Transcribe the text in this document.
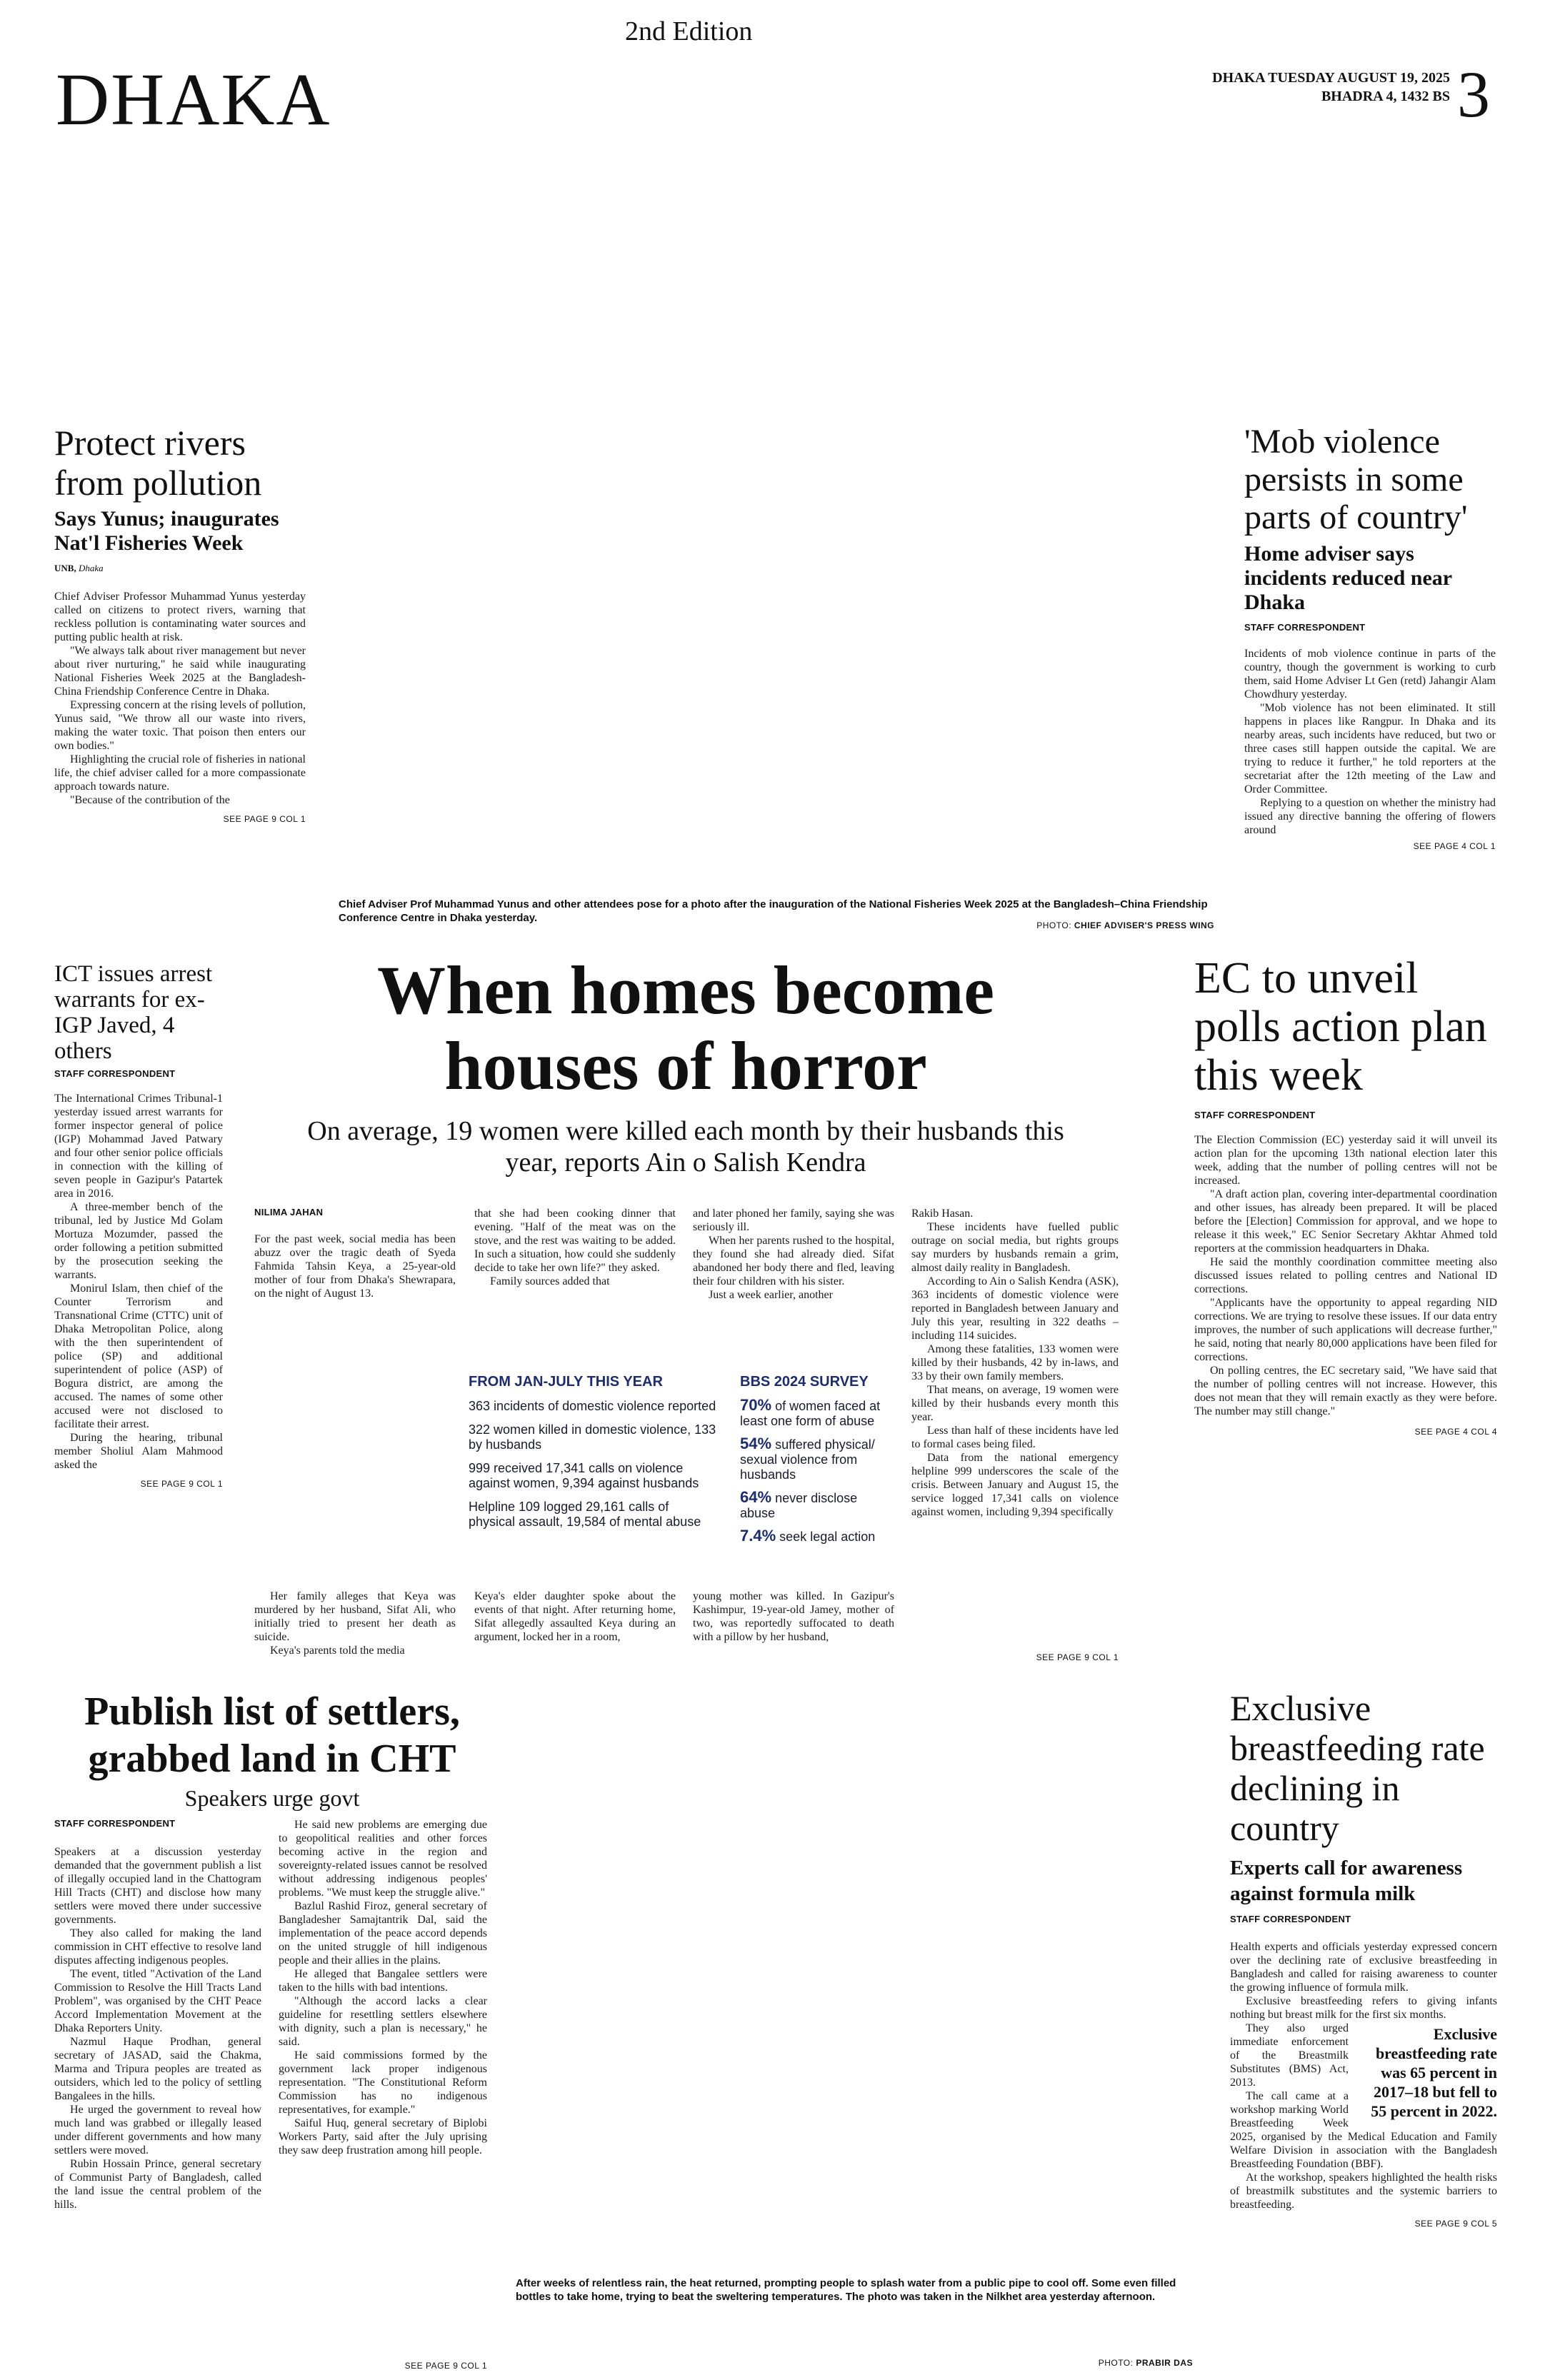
2nd Edition
DHAKA	DHAKA TUESDAY AUGUST 19, 2025
BHADRA 4, 1432 BS 3
Chief Adviser Prof Muhammad Yunus and other attendees pose for a photo after the inauguration of the National Fisheries Week 2025 at the Bangladesh–China Friendship Conference Centre in Dhaka yesterday.
PHOTO: CHIEF ADVISER'S PRESS WING
Protect rivers from pollution
Says Yunus; inaugurates Nat'l Fisheries Week
UNB, Dhaka

Chief Adviser Professor Muhammad Yunus yesterday called on citizens to protect rivers, warning that reckless pollution is contaminating water sources and putting public health at risk.

"We always talk about river management but never about river nurturing," he said while inaugurating National Fisheries Week 2025 at the Bangladesh-China Friendship Conference Centre in Dhaka.

Expressing concern at the rising levels of pollution, Yunus said, "We throw all our waste into rivers, making the water toxic. That poison then enters our own bodies."

Highlighting the crucial role of fisheries in national life, the chief adviser called for a more compassionate approach towards nature.

"Because of the contribution of the

SEE PAGE 9 COL 1
'Mob violence persists in some parts of country'
Home adviser says incidents reduced near Dhaka
STAFF CORRESPONDENT

Incidents of mob violence continue in parts of the country, though the government is working to curb them, said Home Adviser Lt Gen (retd) Jahangir Alam Chowdhury yesterday.

"Mob violence has not been eliminated. It still happens in places like Rangpur. In Dhaka and its nearby areas, such incidents have reduced, but two or three cases still happen outside the capital. We are trying to reduce it further," he told reporters at the secretariat after the 12th meeting of the Law and Order Committee.

Replying to a question on whether the ministry had issued any directive banning the offering of flowers around

SEE PAGE 4 COL 1
ICT issues arrest warrants for ex-IGP Javed, 4 others
STAFF CORRESPONDENT

The International Crimes Tribunal-1 yesterday issued arrest warrants for former inspector general of police (IGP) Mohammad Javed Patwary and four other senior police officials in connection with the killing of seven people in Gazipur's Patartek area in 2016.

A three-member bench of the tribunal, led by Justice Md Golam Mortuza Mozumder, passed the order following a petition submitted by the prosecution seeking the warrants.

Monirul Islam, then chief of the Counter Terrorism and Transnational Crime (CTTC) unit of Dhaka Metropolitan Police, along with the then superintendent of police (SP) and additional superintendent of police (ASP) of Bogura district, are among the accused. The names of some other accused were not disclosed to facilitate their arrest.

During the hearing, tribunal member Sholiul Alam Mahmood asked the

SEE PAGE 9 COL 1
When homes become houses of horror
On average, 19 women were killed each month by their husbands this year, reports Ain o Salish Kendra
NILIMA JAHAN

For the past week, social media has been abuzz over the tragic death of Syeda Fahmida Tahsin Keya, a 25-year-old mother of four from Dhaka's Shewrapara, on the night of August 13.

that she had been cooking dinner that evening. "Half of the meat was on the stove, and the rest was waiting to be added. In such a situation, how could she suddenly decide to take her own life?" they asked.

Family sources added that

and later phoned her family, saying she was seriously ill.

When her parents rushed to the hospital, they found she had already died. Sifat abandoned her body there and fled, leaving their four children with his sister.

Just a week earlier, another

Rakib Hasan.

These incidents have fuelled public outrage on social media, but rights groups say murders by husbands remain a grim, almost daily reality in Bangladesh.

According to Ain o Salish Kendra (ASK), 363 incidents of domestic violence were reported in Bangladesh between January and July this year, resulting in 322 deaths – including 114 suicides.

Among these fatalities, 133 women were killed by their husbands, 42 by in-laws, and 33 by their own family members.

That means, on average, 19 women were killed by their husbands every month this year.

Less than half of these incidents have led to formal cases being filed.

Data from the national emergency helpline 999 underscores the scale of the crisis. Between January and August 15, the service logged 17,341 calls on violence against women, including 9,394 specifically

FROM JAN-JULY THIS YEAR
363 incidents of domestic violence reported
322 women killed in domestic violence, 133 by husbands
999 received 17,341 calls on violence against women, 9,394 against husbands
Helpline 109 logged 29,161 calls of physical assault, 19,584 of mental abuse
BBS 2024 SURVEY
70% of women faced at least one form of abuse
54% suffered physical/ sexual violence from husbands
64% never disclose abuse
7.4% seek legal action

Her family alleges that Keya was murdered by her husband, Sifat Ali, who initially tried to present her death as suicide.

Keya's parents told the media

Keya's elder daughter spoke about the events of that night. After returning home, Sifat allegedly assaulted Keya during an argument, locked her in a room,

young mother was killed. In Gazipur's Kashimpur, 19-year-old Jamey, mother of two, was reportedly suffocated to death with a pillow by her husband,

SEE PAGE 9 COL 1
EC to unveil polls action plan this week
STAFF CORRESPONDENT

The Election Commission (EC) yesterday said it will unveil its action plan for the upcoming 13th national election later this week, adding that the number of polling centres will not be increased.

"A draft action plan, covering inter-departmental coordination and other issues, has already been prepared. It will be placed before the [Election] Commission for approval, and we hope to release it this week," EC Senior Secretary Akhtar Ahmed told reporters at the commission headquarters in Dhaka.

He said the monthly coordination committee meeting also discussed issues related to polling centres and National ID corrections.

"Applicants have the opportunity to appeal regarding NID corrections. We are trying to resolve these issues. If our data entry improves, the number of such applications will decrease further," he said, noting that nearly 80,000 applications have been filed for corrections.

On polling centres, the EC secretary said, "We have said that the number of polling centres will not increase. However, this does not mean that they will remain exactly as they were before. The number may still change."

SEE PAGE 4 COL 4
Publish list of settlers, grabbed land in CHT
Speakers urge govt
STAFF CORRESPONDENT

Speakers at a discussion yesterday demanded that the government publish a list of illegally occupied land in the Chattogram Hill Tracts (CHT) and disclose how many settlers were moved there under successive governments.

They also called for making the land commission in CHT effective to resolve land disputes affecting indigenous peoples.

The event, titled "Activation of the Land Commission to Resolve the Hill Tracts Land Problem", was organised by the CHT Peace Accord Implementation Movement at the Dhaka Reporters Unity.

Nazmul Haque Prodhan, general secretary of JASAD, said the Chakma, Marma and Tripura peoples are treated as outsiders, which led to the policy of settling Bangalees in the hills.

He urged the government to reveal how much land was grabbed or illegally leased under different governments and how many settlers were moved.

Rubin Hossain Prince, general secretary of Communist Party of Bangladesh, called the land issue the central problem of the hills.

He said new problems are emerging due to geopolitical realities and other forces becoming active in the region and sovereignty-related issues cannot be resolved without addressing indigenous peoples' problems. "We must keep the struggle alive."

Bazlul Rashid Firoz, general secretary of Bangladesher Samajtantrik Dal, said the implementation of the peace accord depends on the united struggle of hill indigenous people and their allies in the plains.

He alleged that Bangalee settlers were taken to the hills with bad intentions.

"Although the accord lacks a clear guideline for resettling settlers elsewhere with dignity, such a plan is necessary," he said.

He said commissions formed by the government lack proper indigenous representation. "The Constitutional Reform Commission has no indigenous representatives, for example."

Saiful Huq, general secretary of Biplobi Workers Party, said after the July uprising they saw deep frustration among hill people.

SEE PAGE 9 COL 1
After weeks of relentless rain, the heat returned, prompting people to splash water from a public pipe to cool off. Some even filled bottles to take home, trying to beat the sweltering temperatures. The photo was taken in the Nilkhet area yesterday afternoon.
PHOTO: PRABIR DAS
Exclusive breastfeeding rate declining in country
Experts call for awareness against formula milk
STAFF CORRESPONDENT

Health experts and officials yesterday expressed concern over the declining rate of exclusive breastfeeding in Bangladesh and called for raising awareness to counter the growing influence of formula milk.

Exclusive breastfeeding refers to giving infants nothing but breast milk for the first six months.

Exclusive breastfeeding rate was 65 percent in 2017–18 but fell to 55 percent in 2022.

They also urged immediate enforcement of the Breastmilk Substitutes (BMS) Act, 2013.

The call came at a workshop marking World Breastfeeding Week 2025, organised by the Medical Education and Family Welfare Division in association with the Bangladesh Breastfeeding Foundation (BBF).

At the workshop, speakers highlighted the health risks of breastmilk substitutes and the systemic barriers to breastfeeding.

SEE PAGE 9 COL 5
